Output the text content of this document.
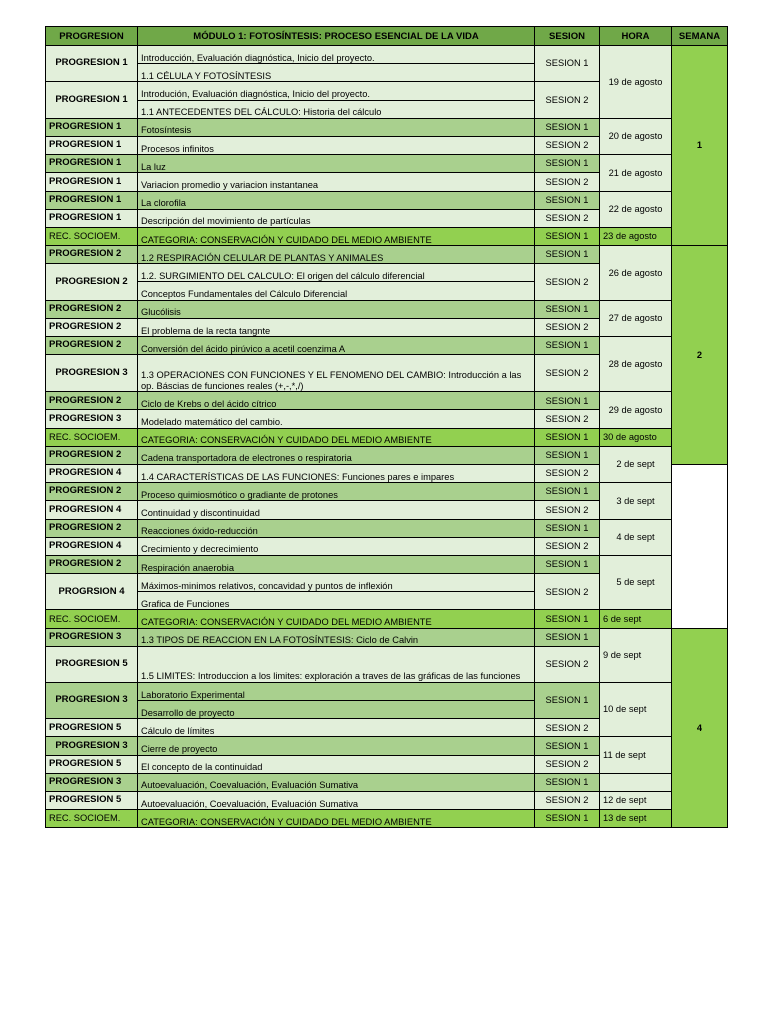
PROGRESION	MÓDULO 1: FOTOSÍNTESIS: PROCESO ESENCIAL DE LA VIDA	SESION	HORA	SEMANA	
PROGRESION 1	Introducción, Evaluación diagnóstica, Inicio del proyecto.	SESION 1	19 de agosto	1	
	1.1 CÉLULA Y FOTOSÍNTESIS				
PROGRESION 1	Introdución, Evaluación diagnóstica, Inicio del proyecto.	SESION 2			
	1.1 ANTECEDENTES DEL CÁLCULO: Historia del cálculo				
PROGRESION 1	Fotosíntesis	SESION 1	20 de agosto		
PROGRESION 1	Procesos infinitos	SESION 2			
PROGRESION 1	La luz	SESION 1	21 de agosto		
PROGRESION 1	Variacion promedio y variacion instantanea	SESION 2			
PROGRESION 1	La clorofila	SESION 1	22 de agosto		
PROGRESION 1	Descripción del movimiento de partículas	SESION 2			
REC. SOCIOEM.	CATEGORIA: CONSERVACIÓN Y CUIDADO DEL MEDIO AMBIENTE	SESION 1	23 de agosto		
PROGRESION 2	1.2 RESPIRACIÓN CELULAR DE PLANTAS Y ANIMALES	SESION 1	26 de agosto	2	
PROGRESION 2	1.2. SURGIMIENTO DEL CALCULO: El origen del cálculo diferencial	SESION 2			
	Conceptos Fundamentales del Cálculo Diferencial				
PROGRESION 2	Glucólisis	SESION 1	27 de agosto		
PROGRESION 2	El problema de la recta tangnte	SESION 2			
PROGRESION 2	Conversión del ácido pirúvico a acetil coenzima A	SESION 1	28 de agosto		
PROGRESION 3	1.3 OPERACIONES CON FUNCIONES Y EL FENOMENO DEL CAMBIO: Introducción a las op. Báscias de funciones reales (+,-,*,/)	SESION 2			
PROGRESION 2	Ciclo de Krebs o del ácido cítrico	SESION 1	29 de agosto		
PROGRESION 3	Modelado matemático del cambio.	SESION 2			
REC. SOCIOEM.	CATEGORIA: CONSERVACIÓN Y CUIDADO DEL MEDIO AMBIENTE	SESION 1	30 de agosto		
PROGRESION 2	Cadena transportadora de electrones o respiratoria	SESION 1	2 de sept	
PROGRESION 4	1.4 CARACTERÍSTICAS DE LAS FUNCIONES: Funciones pares e impares	SESION 2			
PROGRESION 2	Proceso quimiosmótico o gradiante de protones	SESION 1	3 de sept		
PROGRESION 4	Continuidad y discontinuidad	SESION 2			
PROGRESION 2	Reacciones óxido-reducción	SESION 1	4 de sept		
PROGRESION 4	Crecimiento y decrecimiento	SESION 2			
PROGRESION 2	Respiración anaerobia	SESION 1	5 de sept		
PROGRSION 4	Máximos-minimos relativos, concavidad y puntos de inflexión	SESION 2			
	Grafica de Funciones				
REC. SOCIOEM.	CATEGORIA: CONSERVACIÓN Y CUIDADO DEL MEDIO AMBIENTE	SESION 1	6 de sept		
PROGRESION 3	1.3 TIPOS DE REACCION EN LA FOTOSÍNTESIS: Ciclo de Calvin	SESION 1	9 de sept	4	
PROGRESION 5	1.5 LIMITES: Introduccion a los limites: exploración a traves de las gráficas de las funciones	SESION 2			
PROGRESION 3	Laboratorio Experimental	SESION 1	10 de sept		
	Desarrollo de proyecto				
PROGRESION 5	Cálculo de límites	SESION 2			
PROGRESION 3	Cierre de proyecto	SESION 1	11 de sept		
PROGRESION 5	El concepto de la continuidad	SESION 2			
PROGRESION 3	Autoevaluación, Coevaluación, Evaluación Sumativa	SESION 1			
PROGRESION 5	Autoevaluación, Coevaluación, Evaluación Sumativa	SESION 2	12 de sept		
REC. SOCIOEM.	CATEGORIA: CONSERVACIÓN Y CUIDADO DEL MEDIO AMBIENTE	SESION 1	13 de sept		
